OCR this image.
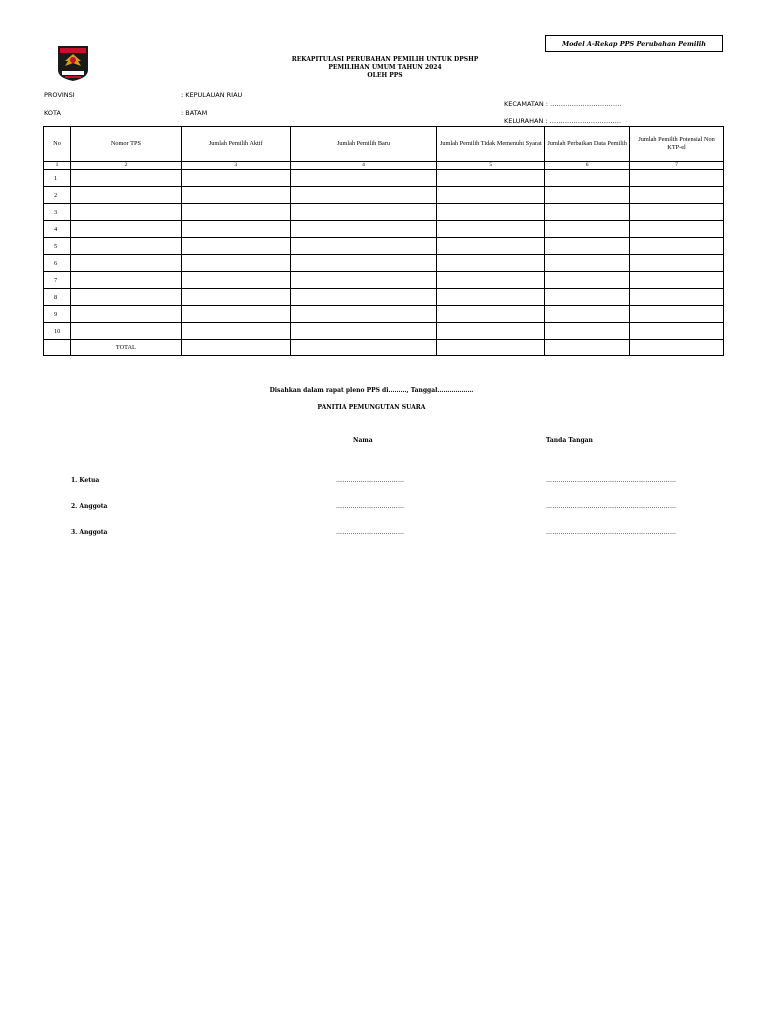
Model A-Rekap PPS Perubahan Pemilih
REKAPITULASI PERUBAHAN PEMILIH UNTUK DPSHP
PEMILIHAN UMUM TAHUN 2024
OLEH PPS
PROVINSI	: KEPULAUAN RIAU
KOTA	: BATAM
KECAMATAN : ……………………………
KELURAHAN : ……………………………
No	Nomor TPS	Jumlah Pemilih Aktif	Jumlah Pemilih Baru	Jumlah Pemilih Tidak Memenuhi Syarat	Jumlah Perbaikan Data Pemilih	Jumlah Pemilih Potensial Non KTP-el
1	2	3	4	5	6	7
1						
2						
3						
4						
5						
6						
7						
8						
9						
10						
	TOTAL					
Disahkan dalam rapat pleno PPS di………, Tanggal………………
PANITIA PEMUNGUTAN SUARA
Nama	Tanda Tangan
1. Ketua	……………………………	………………………………………………………
2. Anggota	……………………………	………………………………………………………
3. Anggota	……………………………	………………………………………………………
